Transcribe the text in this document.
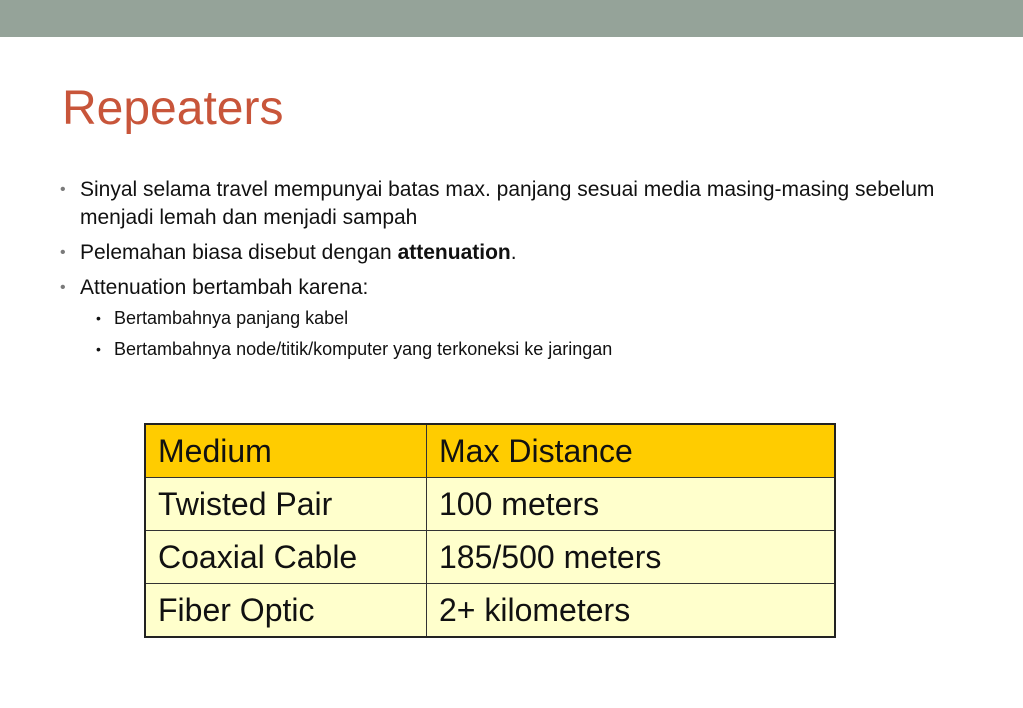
Repeaters
• Sinyal selama travel mempunyai batas max. panjang sesuai media masing-masing sebelum menjadi lemah dan menjadi sampah
• Pelemahan biasa disebut dengan attenuation.
• Attenuation bertambah karena:
• Bertambahnya panjang kabel
• Bertambahnya node/titik/komputer yang terkoneksi ke jaringan
Medium	Max Distance
Twisted Pair	100 meters
Coaxial Cable	185/500 meters
Fiber Optic	2+ kilometers
